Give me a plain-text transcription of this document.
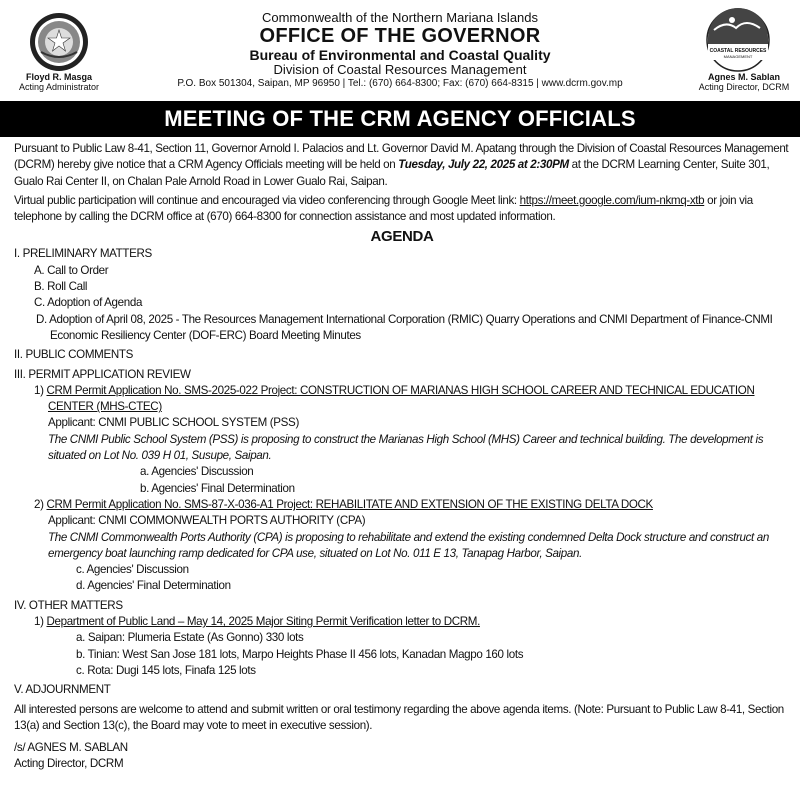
Floyd R. Masga
Acting Administrator
COASTAL RESOURCES
MANAGEMENT
Agnes M. Sablan
Acting Director, DCRM
Commonwealth of the Northern Mariana Islands
OFFICE OF THE GOVERNOR
Bureau of Environmental and Coastal Quality
Division of Coastal Resources Management
P.O. Box 501304, Saipan, MP 96950 | Tel.: (670) 664-8300; Fax: (670) 664-8315 | www.dcrm.gov.mp
MEETING OF THE CRM AGENCY OFFICIALS

Pursuant to Public Law 8-41, Section 11, Governor Arnold I. Palacios and Lt. Governor David M. Apatang through the Division of Coastal Resources Management (DCRM) hereby give notice that a CRM Agency Officials meeting will be held on Tuesday, July 22, 2025 at 2:30PM at the DCRM Learning Center, Suite 301, Gualo Rai Center II, on Chalan Pale Arnold Road in Lower Gualo Rai, Saipan.

Virtual public participation will continue and encouraged via video conferencing through Google Meet link: https://meet.google.com/ium-nkmq-xtb or join via telephone by calling the DCRM office at (670) 664-8300 for connection assistance and most updated information.

AGENDA
I. PRELIMINARY MATTERS
A. Call to Order
B. Roll Call
C. Adoption of Agenda
D. Adoption of April 08, 2025 - The Resources Management International Corporation (RMIC) Quarry Operations and CNMI Department of Finance-CNMI Economic Resiliency Center (DOF-ERC) Board Meeting Minutes
II. PUBLIC COMMENTS
III. PERMIT APPLICATION REVIEW
1) CRM Permit Application No. SMS-2025-022 Project: CONSTRUCTION OF MARIANAS HIGH SCHOOL CAREER AND TECHNICAL EDUCATION CENTER (MHS-CTEC)
Applicant: CNMI PUBLIC SCHOOL SYSTEM (PSS)
The CNMI Public School System (PSS) is proposing to construct the Marianas High School (MHS) Career and technical building. The development is situated on Lot No. 039 H 01, Susupe, Saipan.
a. Agencies' Discussion
b. Agencies' Final Determination
2) CRM Permit Application No. SMS-87-X-036-A1 Project: REHABILITATE AND EXTENSION OF THE EXISTING DELTA DOCK
Applicant: CNMI COMMONWEALTH PORTS AUTHORITY (CPA)
The CNMI Commonwealth Ports Authority (CPA) is proposing to rehabilitate and extend the existing condemned Delta Dock structure and construct an emergency boat launching ramp dedicated for CPA use, situated on Lot No. 011 E 13, Tanapag Harbor, Saipan.
c. Agencies' Discussion
d. Agencies' Final Determination
IV. OTHER MATTERS
1) Department of Public Land – May 14, 2025 Major Siting Permit Verification letter to DCRM.
a. Saipan: Plumeria Estate (As Gonno) 330 lots
b. Tinian: West San Jose 181 lots, Marpo Heights Phase II 456 lots, Kanadan Magpo 160 lots
c. Rota: Dugi 145 lots, Finafa 125 lots
V. ADJOURNMENT

All interested persons are welcome to attend and submit written or oral testimony regarding the above agenda items. (Note: Pursuant to Public Law 8-41, Section 13(a) and Section 13(c), the Board may vote to meet in executive session).

/s/ AGNES M. SABLAN
Acting Director, DCRM
